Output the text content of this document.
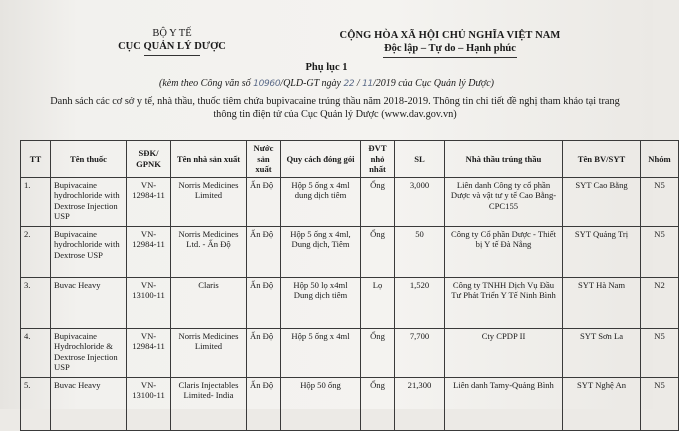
BỘ Y TẾ
CỤC QUẢN LÝ DƯỢC
CỘNG HÒA XÃ HỘI CHỦ NGHĨA VIỆT NAM
Độc lập – Tự do – Hạnh phúc
Phụ lục 1
(kèm theo Công văn số 10960/QLD-GT ngày 22 / 11/2019 của Cục Quản lý Dược)
Danh sách các cơ sở y tế, nhà thầu, thuốc tiêm chứa bupivacaine trúng thầu năm 2018-2019. Thông tin chi tiết đề nghị tham khảo tại trang thông tin điện tử của Cục Quản lý Dược (www.dav.gov.vn)
TT	Tên thuốc	SĐK/ GPNK	Tên nhà sản xuất	Nước sản xuất	Quy cách đóng gói	ĐVT nhỏ nhất	SL	Nhà thầu trúng thầu	Tên BV/SYT	Nhóm
1.	Bupivacaine hydrochloride with Dextrose Injection USP	VN-12984-11	Norris Medicines Limited	Ấn Độ	Hộp 5 ống x 4ml dung dịch tiêm	Ống	3,000	Liên danh Công ty cổ phần Dược và vật tư y tế Cao Bằng- CPC155	SYT Cao Bằng	N5
2.	Bupivacaine hydrochloride with Dextrose USP	VN-12984-11	Norris Medicines Ltd. - Ấn Độ	Ấn Độ	Hộp 5 ống x 4ml, Dung dịch, Tiêm	Ống	50	Công ty Cổ phần Dược - Thiết bị Y tế Đà Nẵng	SYT Quảng Trị	N5
3.	Buvac Heavy	VN-13100-11	Claris	Ấn Độ	Hộp 50 lọ x4ml Dung dịch tiêm	Lọ	1,520	Công ty TNHH Dịch Vụ Đầu Tư Phát Triển Y Tế Ninh Bình	SYT Hà Nam	N2
4.	Bupivacaine Hydrochloride & Dextrose Injection USP	VN-12984-11	Norris Medicines Limited	Ấn Độ	Hộp 5 ống x 4ml	Ống	7,700	Cty CPDP II	SYT Sơn La	N5
5.	Buvac Heavy	VN-13100-11	Claris Injectables Limited- India	Ấn Độ	Hộp 50 ống	Ống	21,300	Liên danh Tamy-Quảng Bình	SYT Nghệ An	N5
